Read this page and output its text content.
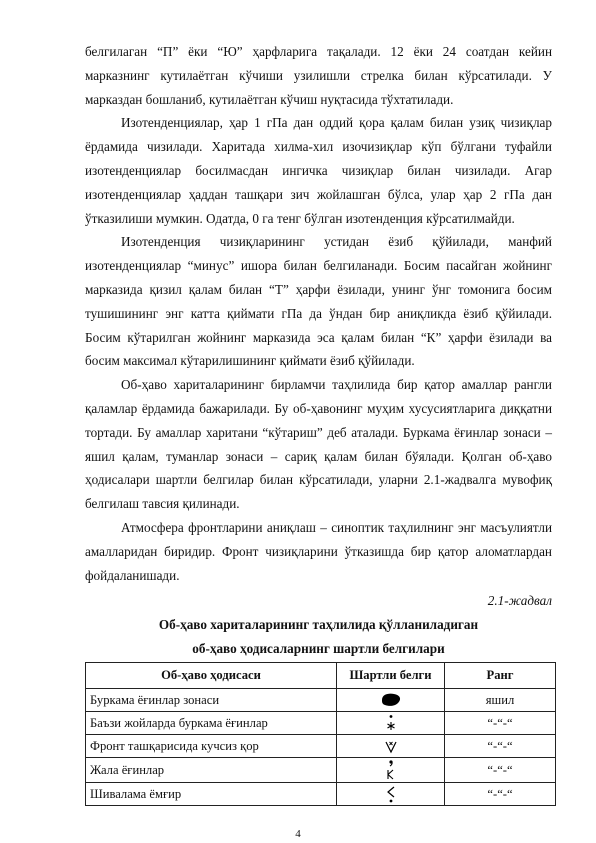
белгилаган “П” ёки “Ю” ҳарфларига тақалади. 12 ёки 24 соатдан кейин марказнинг кутилаётган кўчиши узилишли стрелка билан кўрсатилади. У марказдан бошланиб, кутилаётган кўчиш нуқтасида тўхтатилади.

Изотенденциялар, ҳар 1 гПа дан оддий қора қалам билан узиқ чизиқлар ёрдамида чизилади. Харитада хилма-хил изочизиқлар кўп бўлгани туфайли изотенденциялар босилмасдан ингичка чизиқлар билан чизилади. Агар изотенденциялар ҳаддан ташқари зич жойлашган бўлса, улар ҳар 2 гПа дан ўтказилиши мумкин. Одатда, 0 га тенг бўлган изотенденция кўрсатилмайди.

Изотенденция чизиқларининг устидан ёзиб қўйилади, манфий изотенденциялар “минус” ишора билан белгиланади. Босим пасайган жойнинг марказида қизил қалам билан “Т” ҳарфи ёзилади, унинг ўнг томонига босим тушишининг энг катта қиймати гПа да ўндан бир аниқликда ёзиб қўйилади. Босим кўтарилган жойнинг марказида эса қалам билан “К” ҳарфи ёзилади ва босим максимал кўтарилишининг қиймати ёзиб қўйилади.

Об-ҳаво хариталарининг бирламчи таҳлилида бир қатор амаллар рангли қаламлар ёрдамида бажарилади. Бу об-ҳавонинг муҳим хусусиятларига диққатни тортади. Бу амаллар харитани “кўтариш” деб аталади. Буркама ёғинлар зонаси – яшил қалам, туманлар зонаси – сариқ қалам билан бўялади. Қолган об-ҳаво ҳодисалари шартли белгилар билан кўрсатилади, уларни 2.1-жадвалга мувофиқ белгилаш тавсия қилинади.

Атмосфера фронтларини аниқлаш – синоптик таҳлилнинг энг масъулиятли амалларидан биридир. Фронт чизиқларини ўтказишда бир қатор аломатлардан фойдаланишади.

2.1-жадвал

Об-ҳаво хариталарининг таҳлилида қўлланиладиган

об-ҳаво ҳодисаларнинг шартли белгилари

Об-ҳаво ҳодисаси	Шартли белги	Ранг
Буркама ёғинлар зонаси		яшил
Баъзи жойларда буркама ёғинлар		“-“-“
Фронт ташқарисида кучсиз қор		“-“-“
Жала ёғинлар		“-“-“
Шивалама ёмғир		“-“-“
4
